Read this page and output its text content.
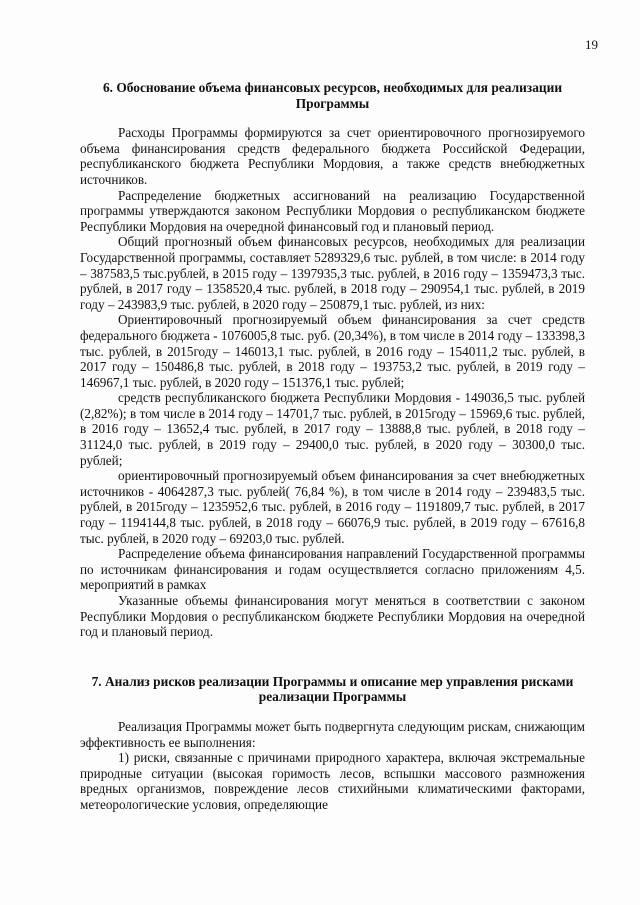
19
6. Обоснование объема финансовых ресурсов, необходимых для реализации Программы

Расходы Программы формируются за счет ориентировочного прогнозируемого объема финансирования средств федерального бюджета Российской Федерации, республиканского бюджета Республики Мордовия, а также средств внебюджетных источников.

Распределение бюджетных ассигнований на реализацию Государственной программы утверждаются законом Республики Мордовия о республиканском бюджете Республики Мордовия на очередной финансовый год и плановый период.

Общий прогнозный объем финансовых ресурсов, необходимых для реализации Государственной программы, составляет 5289329,6 тыс. рублей, в том числе: в 2014 году – 387583,5 тыс.рублей, в 2015 году – 1397935,3 тыс. рублей, в 2016 году – 1359473,3 тыс. рублей, в 2017 году – 1358520,4 тыс. рублей, в 2018 году – 290954,1 тыс. рублей, в 2019 году – 243983,9 тыс. рублей, в 2020 году – 250879,1 тыс. рублей, из них:

Ориентировочный прогнозируемый объем финансирования за счет средств федерального бюджета - 1076005,8 тыс. руб. (20,34%), в том числе в 2014 году – 133398,3 тыс. рублей, в 2015году – 146013,1 тыс. рублей, в 2016 году – 154011,2 тыс. рублей, в 2017 году – 150486,8 тыс. рублей, в 2018 году – 193753,2 тыс. рублей, в 2019 году – 146967,1 тыс. рублей, в 2020 году – 151376,1 тыс. рублей;

средств республиканского бюджета Республики Мордовия - 149036,5 тыс. рублей (2,82%); в том числе в 2014 году – 14701,7 тыс. рублей, в 2015году – 15969,6 тыс. рублей, в 2016 году – 13652,4 тыс. рублей, в 2017 году – 13888,8 тыс. рублей, в 2018 году – 31124,0 тыс. рублей, в 2019 году – 29400,0 тыс. рублей, в 2020 году – 30300,0 тыс. рублей;

ориентировочный прогнозируемый объем финансирования за счет внебюджетных источников - 4064287,3 тыс. рублей( 76,84 %), в том числе в 2014 году – 239483,5 тыс. рублей, в 2015году – 1235952,6 тыс. рублей, в 2016 году – 1191809,7 тыс. рублей, в 2017 году – 1194144,8 тыс. рублей, в 2018 году – 66076,9 тыс. рублей, в 2019 году – 67616,8 тыс. рублей, в 2020 году – 69203,0 тыс. рублей.

Распределение объема финансирования направлений Государственной программы по источникам финансирования и годам осуществляется согласно приложениям 4,5. мероприятий в рамках

Указанные объемы финансирования могут меняться в соответствии с законом Республики Мордовия о республиканском бюджете Республики Мордовия на очередной год и плановый период.

7. Анализ рисков реализации Программы и описание мер управления рисками реализации Программы

Реализация Программы может быть подвергнута следующим рискам, снижающим эффективность ее выполнения:

1) риски, связанные с причинами природного характера, включая экстремальные природные ситуации (высокая горимость лесов, вспышки массового размножения вредных организмов, повреждение лесов стихийными климатическими факторами, метеорологические условия, определяющие
